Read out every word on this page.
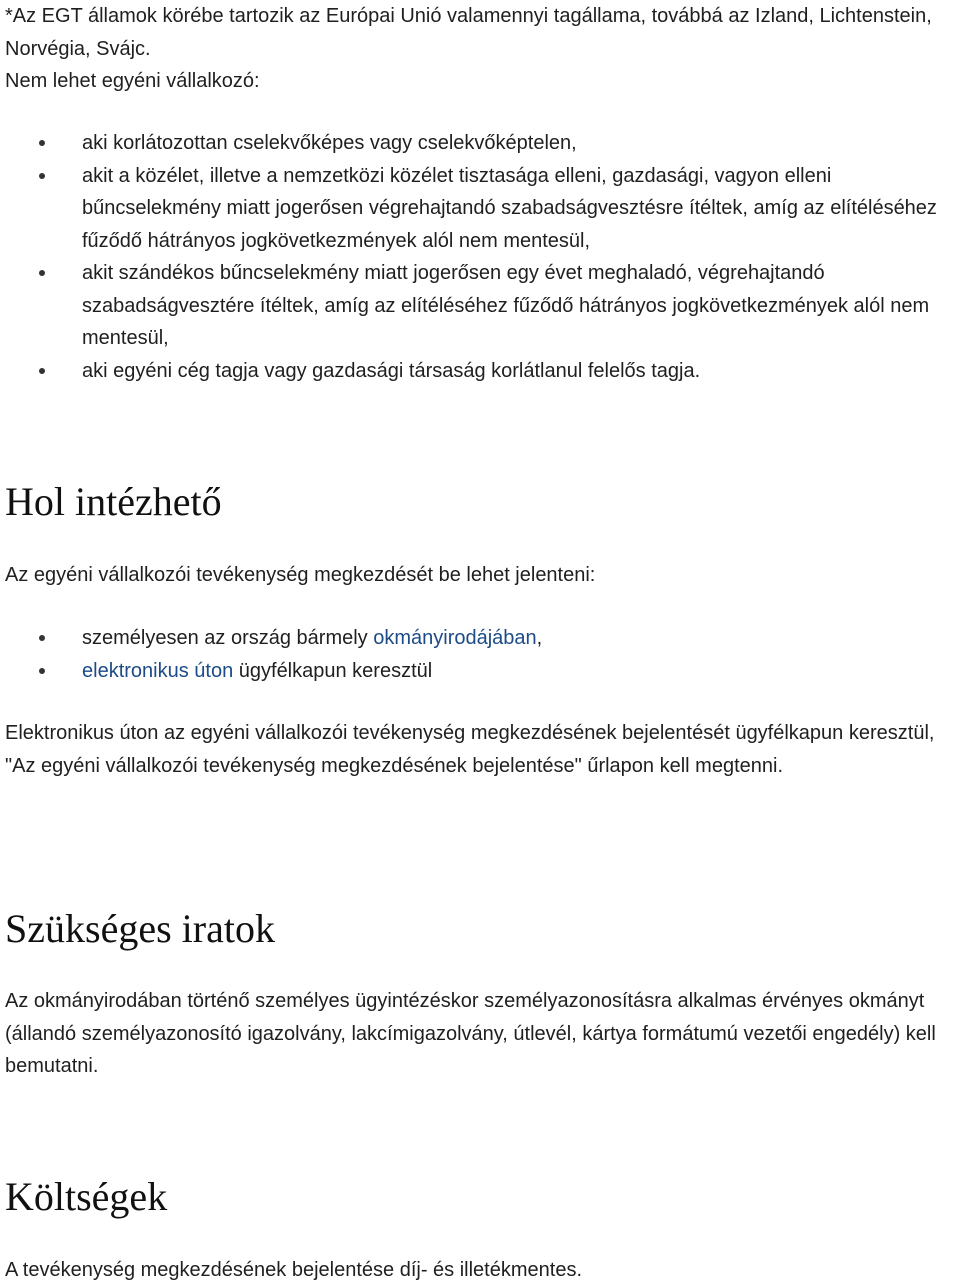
*Az EGT államok körébe tartozik az Európai Unió valamennyi tagállama, továbbá az Izland, Lichtenstein, Norvégia, Svájc.

Nem lehet egyéni vállalkozó:

aki korlátozottan cselekvőképes vagy cselekvőképtelen,
akit a közélet, illetve a nemzetközi közélet tisztasága elleni, gazdasági, vagyon elleni bűncselekmény miatt jogerősen végrehajtandó szabadságvesztésre ítéltek, amíg az elítéléséhez fűződő hátrányos jogkövetkezmények alól nem mentesül,
akit szándékos bűncselekmény miatt jogerősen egy évet meghaladó, végrehajtandó szabadságvesztére ítéltek, amíg az elítéléséhez fűződő hátrányos jogkövetkezmények alól nem mentesül,
aki egyéni cég tagja vagy gazdasági társaság korlátlanul felelős tagja.
Hol intézhető

Az egyéni vállalkozói tevékenység megkezdését be lehet jelenteni:

személyesen az ország bármely okmányirodájában,
elektronikus úton ügyfélkapun keresztül

Elektronikus úton az egyéni vállalkozói tevékenység megkezdésének bejelentését ügyfélkapun keresztül, "Az egyéni vállalkozói tevékenység megkezdésének bejelentése" űrlapon kell megtenni.

Szükséges iratok

Az okmányirodában történő személyes ügyintézéskor személyazonosításra alkalmas érvényes okmányt (állandó személyazonosító igazolvány, lakcímigazolvány, útlevél, kártya formátumú vezetői engedély) kell bemutatni.

Költségek

A tevékenység megkezdésének bejelentése díj- és illetékmentes.
